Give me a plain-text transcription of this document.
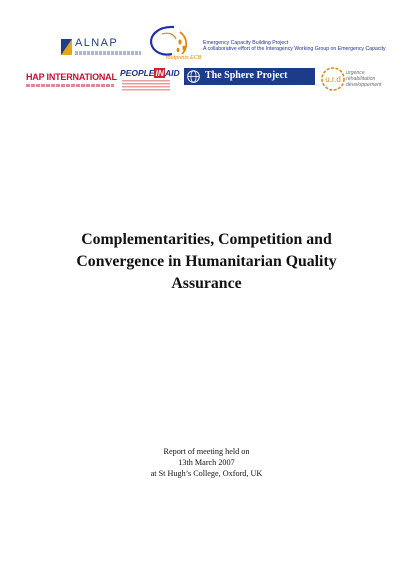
ALNAP
footprints ECB
Emergency Capacity Building Project
A collaborative effort of the Interagency Working Group on Emergency Capacity
HAP INTERNATIONAL PEOPLEINAID	The Sphere Project	u.r.d
urgence
réhabilitation
développement
Complementarities, Competition and
Convergence in Humanitarian Quality
Assurance
Report of meeting held on
13th March 2007
at St Hugh’s College, Oxford, UK
